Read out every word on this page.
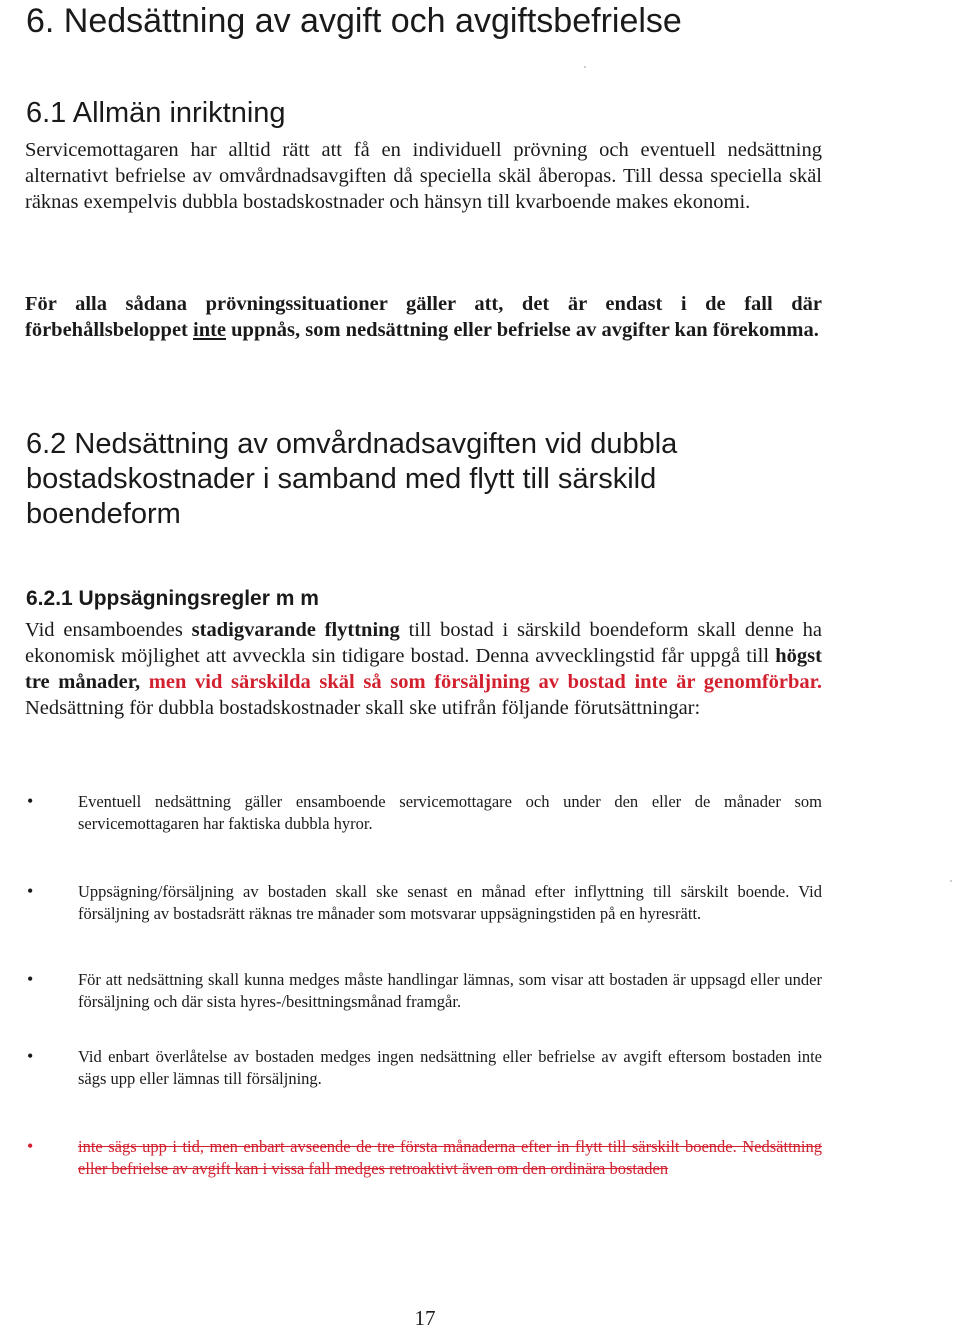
6. Nedsättning av avgift och avgiftsbefrielse
6.1 Allmän inriktning

Servicemottagaren har alltid rätt att få en individuell prövning och eventuell nedsättning alternativt befrielse av omvårdnadsavgiften då speciella skäl åberopas. Till dessa speciella skäl räknas exempelvis dubbla bostadskostnader och hänsyn till kvarboende makes ekonomi.

För alla sådana prövningssituationer gäller att, det är endast i de fall där förbehållsbeloppet inte uppnås, som nedsättning eller befrielse av avgifter kan förekomma.

6.2 Nedsättning av omvårdnadsavgiften vid dubbla bostadskostnader i samband med flytt till särskild boendeform
6.2.1 Uppsägningsregler m m

Vid ensamboendes stadigvarande flyttning till bostad i särskild boendeform skall denne ha ekonomisk möjlighet att avveckla sin tidigare bostad. Denna avvecklingstid får uppgå till högst tre månader, men vid särskilda skäl så som försäljning av bostad inte är genomförbar. Nedsättning för dubbla bostadskostnader skall ske utifrån följande förutsättningar:

•	Eventuell nedsättning gäller ensamboende servicemottagare och under den eller de månader som servicemottagaren har faktiska dubbla hyror.

•	Uppsägning/försäljning av bostaden skall ske senast en månad efter inflyttning till särskilt boende. Vid försäljning av bostadsrätt räknas tre månader som motsvarar uppsägningstiden på en hyresrätt.

•	För att nedsättning skall kunna medges måste handlingar lämnas, som visar att bostaden är uppsagd eller under försäljning och där sista hyres-/besittningsmånad framgår.

•	Vid enbart överlåtelse av bostaden medges ingen nedsättning eller befrielse av avgift eftersom bostaden inte sägs upp eller lämnas till försäljning.

•	inte sägs upp i tid, men enbart avseende de tre första månaderna efter in flytt till särskilt boende. Nedsättning eller befrielse av avgift kan i vissa fall medges retroaktivt även om den ordinära bostaden

17
